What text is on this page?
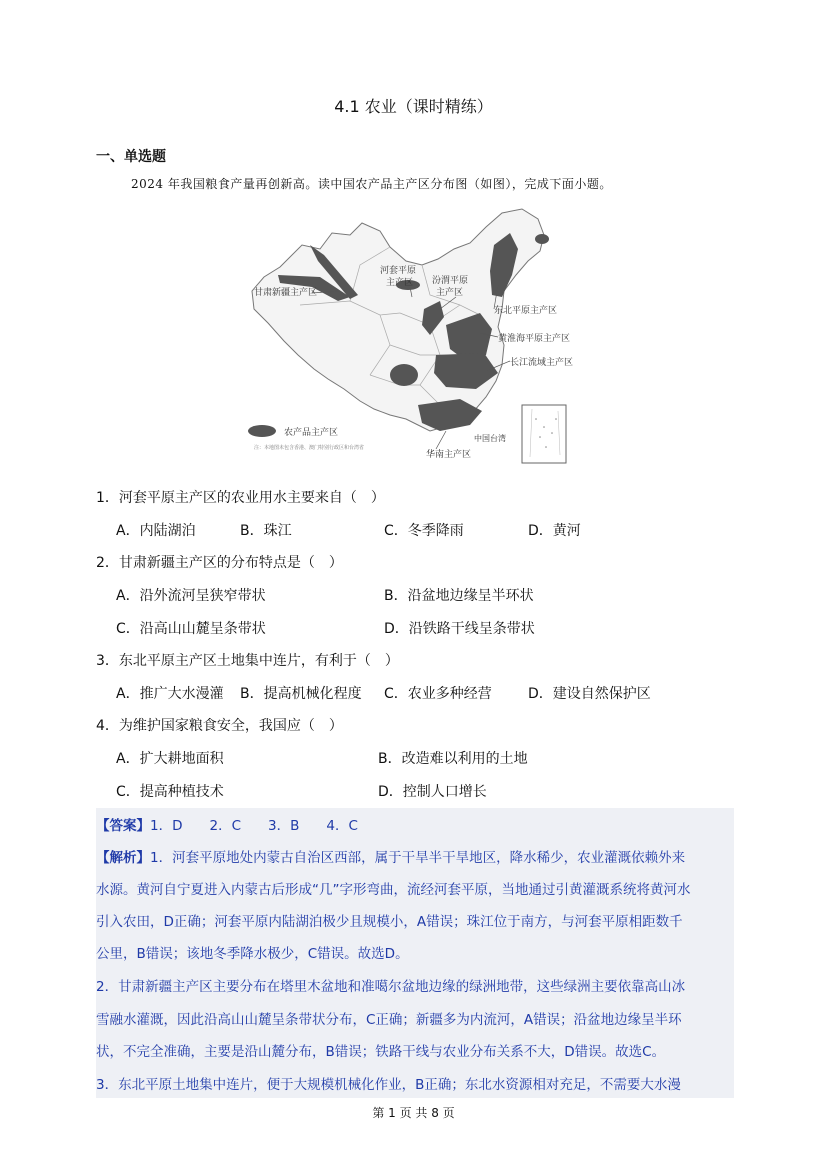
4.1 农业（课时精练）
一、单选题
2024 年我国粮食产量再创新高。读中国农产品主产区分布图（如图），完成下面小题。
甘肃新疆主产区
河套平原
主产区 汾渭平原
主产区
东北平原主产区
黄淮海平原主产区
长江流域主产区
农产品主产区
中国台湾
华南主产区
注：本地图未包含香港、澳门特别行政区和台湾省
1．河套平原主产区的农业用水主要来自（　）
A．内陆湖泊	B．珠江	C．冬季降雨	D．黄河
2．甘肃新疆主产区的分布特点是（　）
A．沿外流河呈狭窄带状	B．沿盆地边缘呈半环状
C．沿高山山麓呈条带状	D．沿铁路干线呈条带状
3．东北平原主产区土地集中连片，有利于（　）
A．推广大水漫灌 B．提高机械化程度 C．农业多种经营	D．建设自然保护区
4．为维护国家粮食安全，我国应（　）
A．扩大耕地面积	B．改造难以利用的土地
C．提高种植技术	D．控制人口增长
【答案】1．D　　2．C　　3．B　　4．C
【解析】1．河套平原地处内蒙古自治区西部，属于干旱半干旱地区，降水稀少，农业灌溉依赖外来
水源。黄河自宁夏进入内蒙古后形成“几”字形弯曲，流经河套平原，当地通过引黄灌溉系统将黄河水
引入农田，D正确；河套平原内陆湖泊极少且规模小，A错误；珠江位于南方，与河套平原相距数千
公里，B错误；该地冬季降水极少，C错误。故选D。
2．甘肃新疆主产区主要分布在塔里木盆地和准噶尔盆地边缘的绿洲地带，这些绿洲主要依靠高山冰
雪融水灌溉，因此沿高山山麓呈条带状分布，C正确；新疆多为内流河，A错误；沿盆地边缘呈半环
状，不完全准确，主要是沿山麓分布，B错误；铁路干线与农业分布关系不大，D错误。故选C。
3．东北平原土地集中连片，便于大规模机械化作业，B正确；东北水资源相对充足，不需要大水漫
第 1 页 共 8 页
